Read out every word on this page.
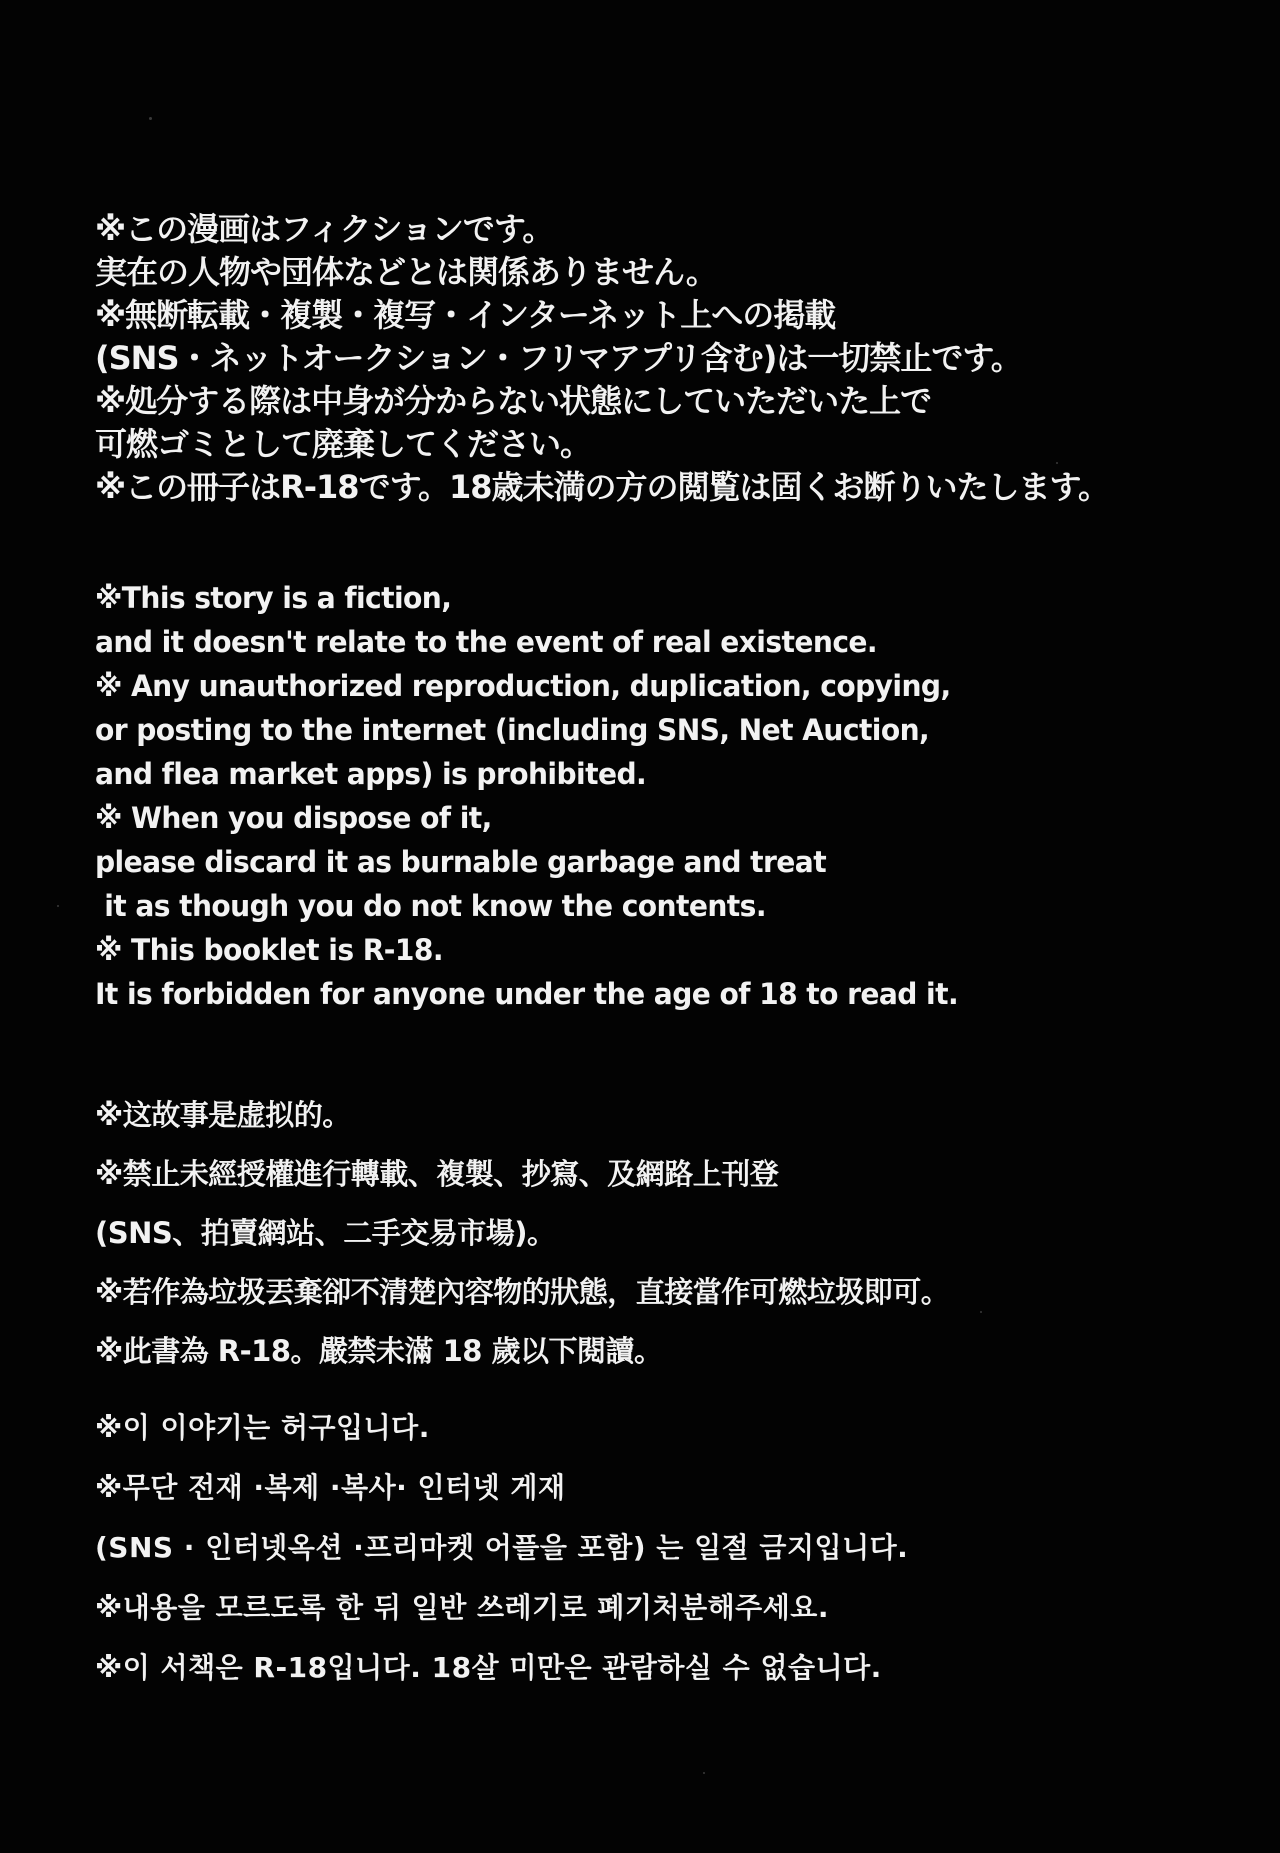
※この漫画はフィクションです。
実在の人物や団体などとは関係ありません。
※無断転載・複製・複写・インターネット上への掲載
(SNS・ネットオークション・フリマアプリ含む)は一切禁止です。
※処分する際は中身が分からない状態にしていただいた上で
可燃ゴミとして廃棄してください。
※この冊子はR-18です。18歳未満の方の閲覧は固くお断りいたします。
※This story is a fiction,
and it doesn't relate to the event of real existence.
※ Any unauthorized reproduction, duplication, copying,
or posting to the internet (including SNS, Net Auction,
and flea market apps) is prohibited.
※ When you dispose of it,
please discard it as burnable garbage and treat
it as though you do not know the contents.
※ This booklet is R-18.
It is forbidden for anyone under the age of 18 to read it.
※这故事是虚拟的。
※禁止未經授權進行轉載、複製、抄寫、及網路上刊登
(SNS、拍賣網站、二手交易市場)。
※若作為垃圾丟棄卻不清楚內容物的狀態，直接當作可燃垃圾即可。
※此書為 R-18。嚴禁未滿 18 歲以下閱讀。
※이 이야기는 허구입니다.
※무단 전재 ·복제 ·복사· 인터넷 게재
(SNS · 인터넷옥션 ·프리마켓 어플을 포함) 는 일절 금지입니다.
※내용을 모르도록 한 뒤 일반 쓰레기로 폐기처분해주세요.
※이 서책은 R-18입니다. 18살 미만은 관람하실 수 없습니다.
